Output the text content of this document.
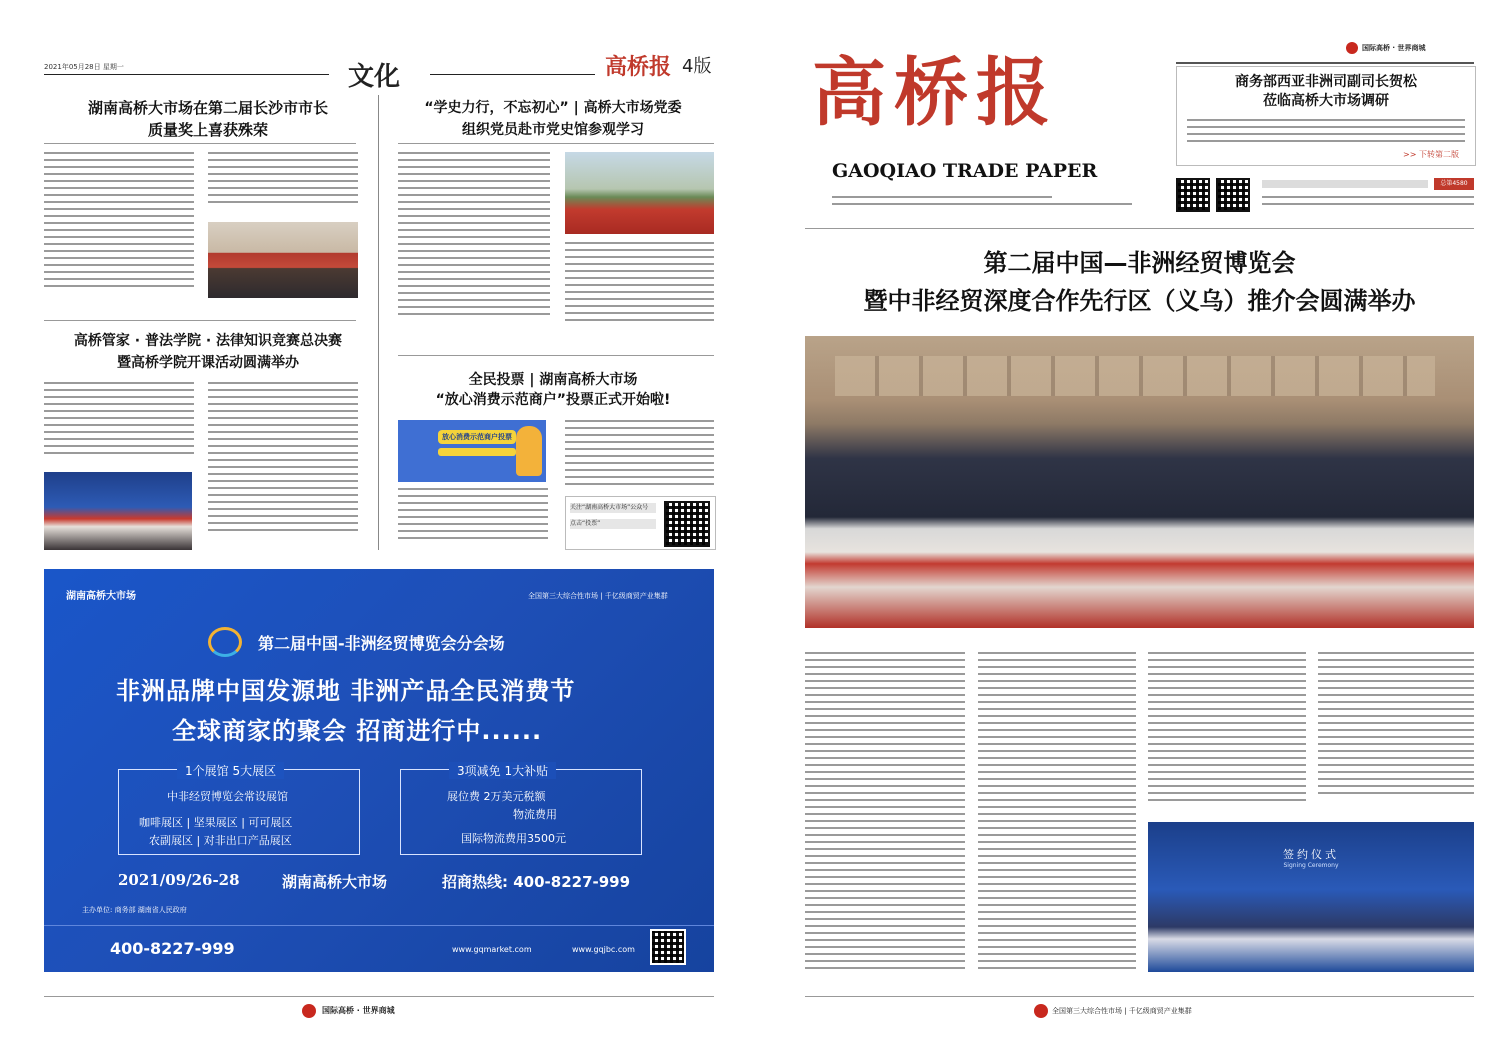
2021年05月28日 星期一	文化	高桥报 4版
湖南高桥大市场在第二届长沙市市长
质量奖上喜获殊荣
“学史力行，不忘初心” | 高桥大市场党委
组织党员赴市党史馆参观学习
高桥管家 · 普法学院 · 法律知识竞赛总决赛
暨高桥学院开课活动圆满举办
全民投票 | 湖南高桥大市场
“放心消费示范商户”投票正式开始啦!
放心消费示范商户投票
关注“湖南高桥大市场”公众号
点击“投票”
湖南高桥大市场	全国第三大综合性市场 | 千亿级商贸产业集群
第二届中国-非洲经贸博览会分会场
非洲品牌中国发源地 非洲产品全民消费节
全球商家的聚会 招商进行中......
1个展馆 5大展区
中非经贸博览会常设展馆
咖啡展区 | 坚果展区 | 可可展区
农副展区 | 对非出口产品展区
3项减免 1大补贴
展位费 2万美元税额
物流费用
国际物流费用3500元
2021/09/26-28	湖南高桥大市场	招商热线: 400-8227-999
主办单位: 商务部 湖南省人民政府
400-8227-999	www.gqmarket.com	www.gqjbc.com
国际高桥 · 世界商城
高桥报
GAOQIAO TRADE PAPER
国际高桥 · 世界商城
商务部西亚非洲司副司长贺松
莅临高桥大市场调研
>> 下转第二版
总第4580
第二届中国—非洲经贸博览会
暨中非经贸深度合作先行区（义乌）推介会圆满举办
签约仪式
Signing Ceremony
全国第三大综合性市场 | 千亿级商贸产业集群
